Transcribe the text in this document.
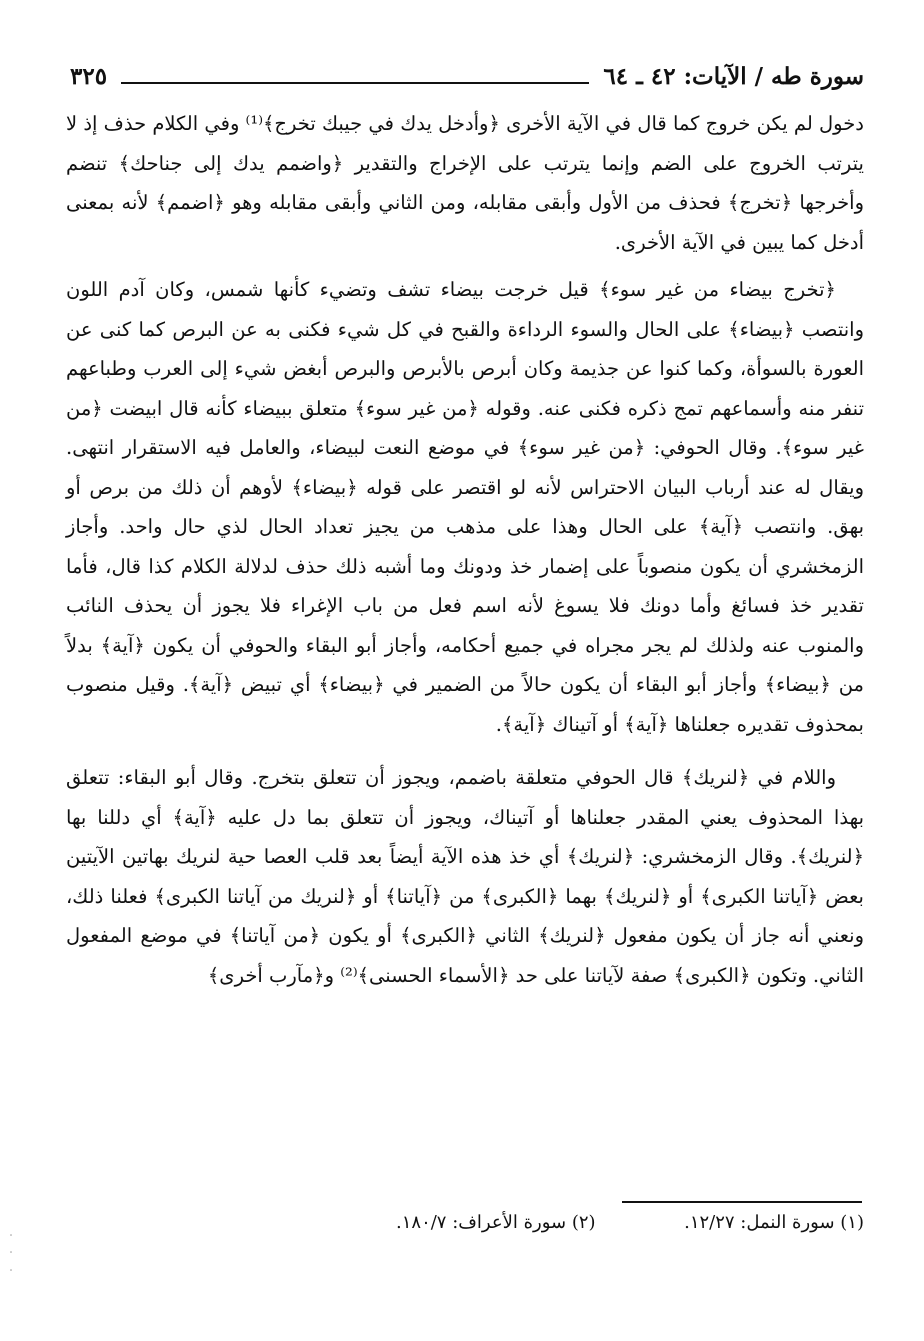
سورة طه / الآيات: ٤٢ ـ ٦٤
٣٢٥

دخول لم يكن خروج كما قال في الآية الأخرى ﴿وأدخل يدك في جيبك تخرج﴾⁽¹⁾ وفي الكلام حذف إذ لا يترتب الخروج على الضم وإنما يترتب على الإخراج والتقدير ﴿واضمم يدك إلى جناحك﴾ تنضم وأخرجها ﴿تخرج﴾ فحذف من الأول وأبقى مقابله، ومن الثاني وأبقى مقابله وهو ﴿اضمم﴾ لأنه بمعنى أدخل كما يبين في الآية الأخرى.

﴿تخرج بيضاء من غير سوء﴾ قيل خرجت بيضاء تشف وتضيء كأنها شمس، وكان آدم اللون وانتصب ﴿بيضاء﴾ على الحال والسوء الرداءة والقبح في كل شيء فكنى به عن البرص كما كنى عن العورة بالسوأة، وكما كنوا عن جذيمة وكان أبرص بالأبرص والبرص أبغض شيء إلى العرب وطباعهم تنفر منه وأسماعهم تمج ذكره فكنى عنه. وقوله ﴿من غير سوء﴾ متعلق ببيضاء كأنه قال ابيضت ﴿من غير سوء﴾. وقال الحوفي: ﴿من غير سوء﴾ في موضع النعت لبيضاء، والعامل فيه الاستقرار انتهى. ويقال له عند أرباب البيان الاحتراس لأنه لو اقتصر على قوله ﴿بيضاء﴾ لأوهم أن ذلك من برص أو بهق. وانتصب ﴿آية﴾ على الحال وهذا على مذهب من يجيز تعداد الحال لذي حال واحد. وأجاز الزمخشري أن يكون منصوباً على إضمار خذ ودونك وما أشبه ذلك حذف لدلالة الكلام كذا قال، فأما تقدير خذ فسائغ وأما دونك فلا يسوغ لأنه اسم فعل من باب الإغراء فلا يجوز أن يحذف النائب والمنوب عنه ولذلك لم يجر مجراه في جميع أحكامه، وأجاز أبو البقاء والحوفي أن يكون ﴿آية﴾ بدلاً من ﴿بيضاء﴾ وأجاز أبو البقاء أن يكون حالاً من الضمير في ﴿بيضاء﴾ أي تبيض ﴿آية﴾. وقيل منصوب بمحذوف تقديره جعلناها ﴿آية﴾ أو آتيناك ﴿آية﴾.

واللام في ﴿لنريك﴾ قال الحوفي متعلقة باضمم، ويجوز أن تتعلق بتخرج. وقال أبو البقاء: تتعلق بهذا المحذوف يعني المقدر جعلناها أو آتيناك، ويجوز أن تتعلق بما دل عليه ﴿آية﴾ أي دللنا بها ﴿لنريك﴾. وقال الزمخشري: ﴿لنريك﴾ أي خذ هذه الآية أيضاً بعد قلب العصا حية لنريك بهاتين الآيتين بعض ﴿آياتنا الكبرى﴾ أو ﴿لنريك﴾ بهما ﴿الكبرى﴾ من ﴿آياتنا﴾ أو ﴿لنريك من آياتنا الكبرى﴾ فعلنا ذلك، ونعني أنه جاز أن يكون مفعول ﴿لنريك﴾ الثاني ﴿الكبرى﴾ أو يكون ﴿من آياتنا﴾ في موضع المفعول الثاني. وتكون ﴿الكبرى﴾ صفة لآياتنا على حد ﴿الأسماء الحسنى﴾⁽²⁾ و﴿مآرب أخرى﴾

(١) سورة النمل: ١٢/٢٧.
(٢) سورة الأعراف: ١٨٠/٧.
